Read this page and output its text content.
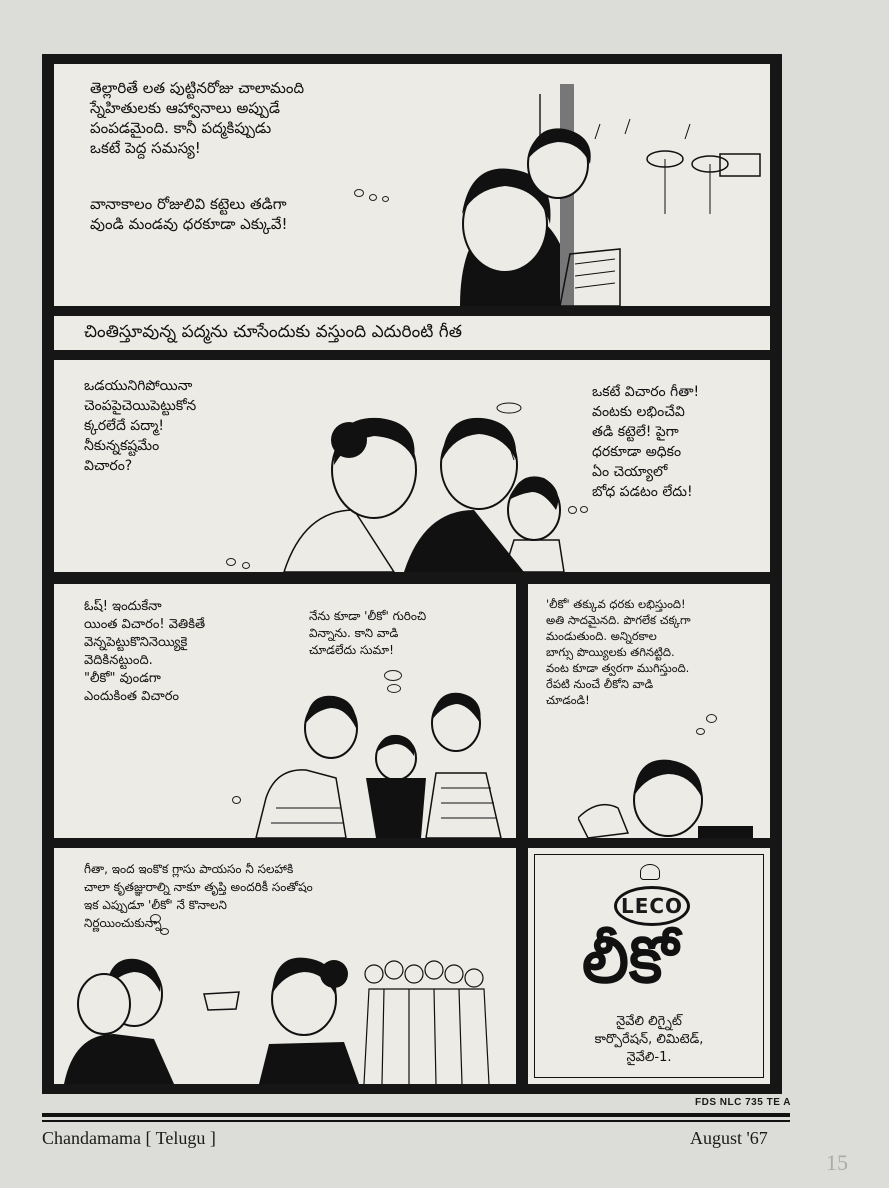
తెల్లారితే లత పుట్టినరోజు చాలామంది
స్నేహితులకు ఆహ్వానాలు అప్పుడే
పంపడమైంది. కానీ పద్మకిప్పుడు
ఒకటే పెద్ద సమస్య!
వానాకాలం రోజులివి కట్టెలు తడిగా
వుండి మండవు ధరకూడా ఎక్కువే!
చింతిస్తూవున్న పద్మను చూసేందుకు వస్తుంది ఎదురింటి గీత
ఒడయునిగిపోయినా
చెంపపైచెయిపెట్టుకోన
క్కరలేదే పద్మా!
నీకున్నకష్టమేం
విచారం?
ఒకటే విచారం గీతా!
వంటకు లభించేవి
తడి కట్టెలే! పైగా
ధరకూడా అధికం
ఏం చెయ్యాలో
బోధ పడటం లేదు!
ఓష్! ఇందుకేనా
యింత విచారం! వెతికితే
వెన్నపెట్టుకొనినెయ్యికై
వెదికినట్టుంది.
"లీకో" వుండగా
ఎందుకింత విచారం
నేను కూడా 'లీకో' గురించి
విన్నాను. కాని వాడి
చూడలేదు సుమా!
'లీకో' తక్కువ ధరకు లభిస్తుంది!
అతి సాదమైనది. పొగలేక చక్కగా
మండుతుంది. అన్నిరకాల
బాగ్సు పొయ్యిలకు తగినట్టిది.
వంట కూడా త్వరగా ముగిస్తుంది.
రేపటి నుంచే లీకోని వాడి
చూడండి!
గీతా, ఇంద ఇంకొక గ్లాసు పాయసం నీ సలహాకి
చాలా కృతజ్ఞురాల్ని నాకూ తృప్తి అందరికీ సంతోషం
ఇక ఎప్పుడూ 'లీకో' నే కొనాలని
నిర్ణయించుకున్నా
LECO
లీకో
నైవేలి లిగ్నైట్
కార్పొరేషన్, లిమిటెడ్,
నైవేలి-1.
FDS NLC 735 TE A
Chandamama [ Telugu ]	August '67
15
